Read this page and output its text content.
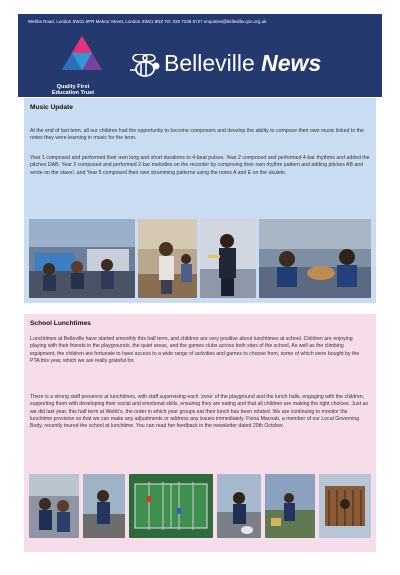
Webbs Road, London SW11 6PR Meteor Street, London SW11 5NZ Tel: 020 7228 6727 enquiries@belleville.q1e.org.uk
Quality First
Education Trust
Belleville News
Music Update

At the end of last term, all our children had the opportunity to become composers and develop the ability to compose their own music linked to the notes they were learning in music for the term.

Year 1 composed and performed their own long and short durations to 4-beat pulses. Year 2 composed and performed 4-bar rhythms and added the pitches DAB. Year 3 composed and performed 2-bar melodies on the recorder by composing their own rhythm pattern and adding pitches AB and wrote on the stave!, and Year 5 composed their own strumming patterns using the notes A and E on the ukulele.

School Lunchtimes

Lunchtimes at Belleville have started smoothly this half term, and children are very positive about lunchtimes at school. Children are enjoying playing with their friends in the playgrounds, the quiet areas, and the games clubs across both sites of the school. As well as the climbing equipment, the children are fortunate to have access to a wide range of activities and games to choose from, some of which were bought by the PTA this year, which we are really grateful for.

There is a strong staff presence at lunchtimes, with staff supervising each ‘zone’ of the playground and the lunch halls, engaging with the children, supporting them with developing their social and emotional skills, ensuring they are eating and that all children are making the right choices. Just as we did last year, this half term at Webb’s, the order in which year groups eat their lunch has been rotated. We are continuing to monitor the lunchtime provision so that we can make any adjustments or address any issues immediately. Fiona Macnab, a member of our Local Governing Body, recently toured the school at lunchtime. You can read her feedback in the newsletter dated 20th October.
